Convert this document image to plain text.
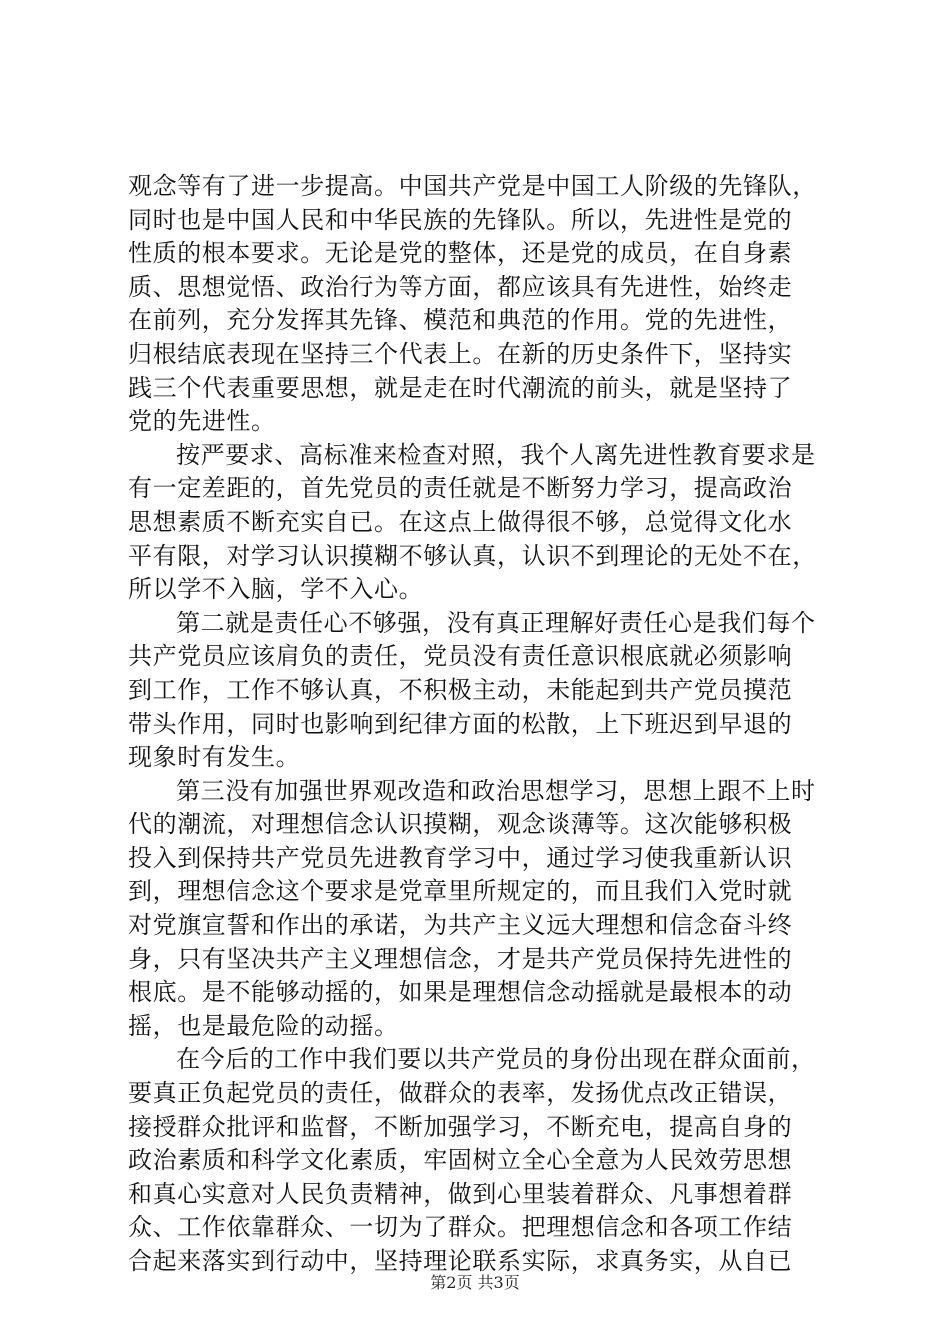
观念等有了进一步提高。中国共产党是中国工人阶级的先锋队，
同时也是中国人民和中华民族的先锋队。所以，先进性是党的
性质的根本要求。无论是党的整体，还是党的成员，在自身素
质、思想觉悟、政治行为等方面，都应该具有先进性，始终走
在前列，充分发挥其先锋、模范和典范的作用。党的先进性，
归根结底表现在坚持三个代表上。在新的历史条件下，坚持实
践三个代表重要思想，就是走在时代潮流的前头，就是坚持了
党的先进性。
按严要求、高标准来检查对照，我个人离先进性教育要求是
有一定差距的，首先党员的责任就是不断努力学习，提高政治
思想素质不断充实自已。在这点上做得很不够，总觉得文化水
平有限，对学习认识摸糊不够认真，认识不到理论的无处不在，
所以学不入脑，学不入心。
第二就是责任心不够强，没有真正理解好责任心是我们每个
共产党员应该肩负的责任，党员没有责任意识根底就必须影响
到工作，工作不够认真，不积极主动，未能起到共产党员摸范
带头作用，同时也影响到纪律方面的松散，上下班迟到早退的
现象时有发生。
第三没有加强世界观改造和政治思想学习，思想上跟不上时
代的潮流，对理想信念认识摸糊，观念谈薄等。这次能够积极
投入到保持共产党员先进教育学习中，通过学习使我重新认识
到，理想信念这个要求是党章里所规定的，而且我们入党时就
对党旗宣誓和作出的承诺，为共产主义远大理想和信念奋斗终
身，只有坚决共产主义理想信念，才是共产党员保持先进性的
根底。是不能够动摇的，如果是理想信念动摇就是最根本的动
摇，也是最危险的动摇。
在今后的工作中我们要以共产党员的身份出现在群众面前，
要真正负起党员的责任，做群众的表率，发扬优点改正错误，
接授群众批评和监督，不断加强学习，不断充电，提高自身的
政治素质和科学文化素质，牢固树立全心全意为人民效劳思想
和真心实意对人民负责精神，做到心里装着群众、凡事想着群
众、工作依靠群众、一切为了群众。把理想信念和各项工作结
合起来落实到行动中，坚持理论联系实际，求真务实，从自已
第2页 共3页
